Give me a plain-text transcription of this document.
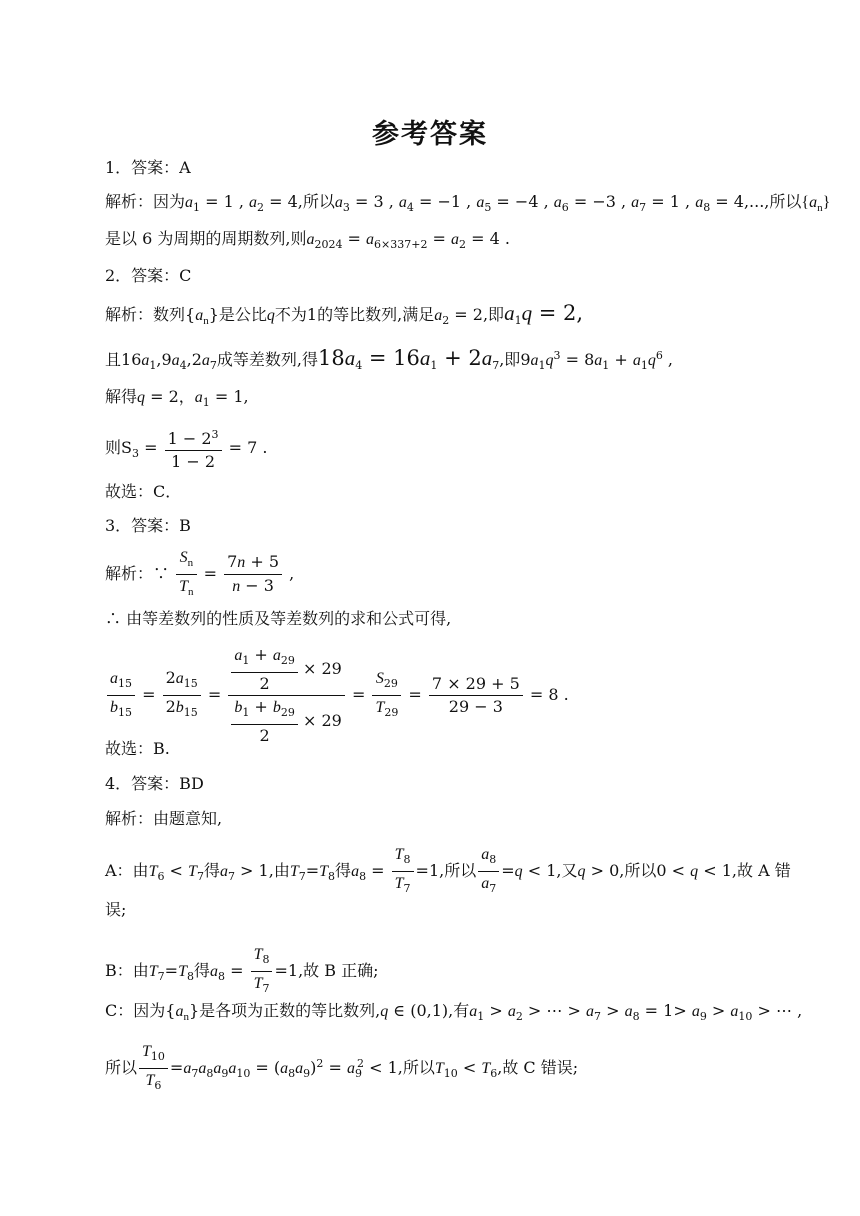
参考答案
1．答案：A
解析：因为$a_1 = 1$ , $a_2 = 4$,所以$a_3 = 3$ , $a_4 = -1$ , $a_5 = -4$ , $a_6 = -3$ , $a_7 = 1$ , $a_8 = 4$,...,所以$\{a_n\}$
是以 6 为周期的周期数列,则$a_{2024} = a_{6\times 337+2} = a_2 = 4$ .
2．答案：C
解析：数列$\{a_n\}$是公比q不为1的等比数列,满足$a_2 = 2$,即$a_1q = 2$,
且$16a_1,9a_4,2a_7$成等差数列,得$18a_4 = 16a_1 + 2a_7$,即$9a_1q^3 = 8a_1 + a_1q^6$ ,
解得q = 2，$a_1 = 1$,
则$S_3 = \frac{1 - 2^3}{1 - 2} = 7$ .
故选：C．
3．答案：B
解析：∵ $\frac{S_n}{T_n} = \frac{7n + 5}{n - 3}$ ,
∴ 由等差数列的性质及等差数列的求和公式可得,
$\frac{a_{15}}{b_{15}} = \frac{2a_{15}}{2b_{15}} = \frac{\frac{a_1 + a_{29}}{2} \times 29}{\frac{b_1 + b_{29}}{2} \times 29} = \frac{S_{29}}{T_{29}} = \frac{7 \times 29 + 5}{29 - 3} = 8$ .
故选：B.
4．答案：BD
解析：由题意知,
A：由$T_6 < T_7$得$a_7 > 1$,由$T_7=T_8$得$a_8 = \frac{T_8}{T_7} =1$,所以 $\frac{a_8}{a_7} =q < 1$,又q > 0,所以0 < q < 1,故 A 错
误;
B：由$T_7=T_8$得$a_8 = \frac{T_8}{T_7} =1$,故 B 正确;
C：因为$\{a_n\}$是各项为正数的等比数列,q ∈ (0,1),有$a_1 > a_2$ > ⋯ > $a_7 > a_8 = 1> a_9 > a_{10}$ > ⋯ ,
所以 $\frac{T_{10}}{T_6} =a_7a_8a_9a_{10} = (a_8a_9)^2 = a_9^2 < 1$,所以$T_{10} < T_6$,故 C 错误;
